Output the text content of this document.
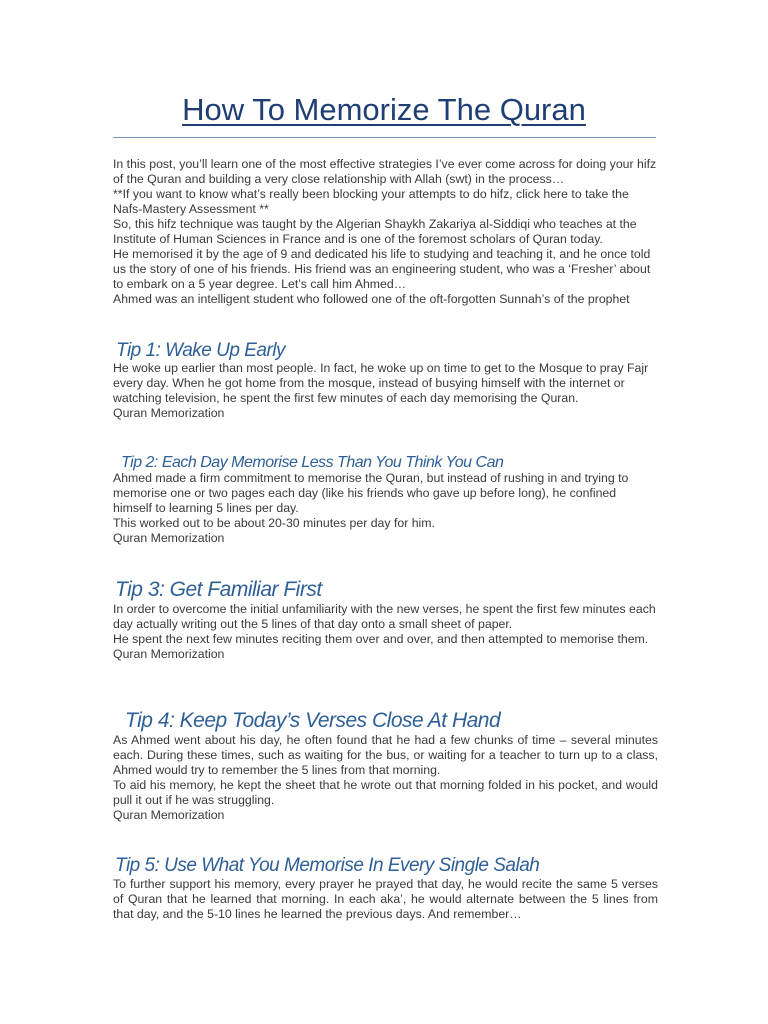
How To Memorize The Quran

In this post, you’ll learn one of the most effective strategies I’ve ever come across for doing your hifz of the Quran and building a very close relationship with Allah (swt) in the process…

**If you want to know what’s really been blocking your attempts to do hifz, click here to take the Nafs-Mastery Assessment **

So, this hifz technique was taught by the Algerian Shaykh Zakariya al-Siddiqi who teaches at the Institute of Human Sciences in France and is one of the foremost scholars of Quran today.

He memorised it by the age of 9 and dedicated his life to studying and teaching it, and he once told us the story of one of his friends. His friend was an engineering student, who was a ‘Fresher’ about to embark on a 5 year degree. Let’s call him Ahmed…

Ahmed was an intelligent student who followed one of the oft-forgotten Sunnah’s of the prophet

Tip 1: Wake Up Early

He woke up earlier than most people. In fact, he woke up on time to get to the Mosque to pray Fajr every day. When he got home from the mosque, instead of busying himself with the internet or watching television, he spent the first few minutes of each day memorising the Quran.

Quran Memorization

Tip 2: Each Day Memorise Less Than You Think You Can

Ahmed made a firm commitment to memorise the Quran, but instead of rushing in and trying to memorise one or two pages each day (like his friends who gave up before long), he confined himself to learning 5 lines per day.

This worked out to be about 20-30 minutes per day for him.

Quran Memorization

Tip 3: Get Familiar First

In order to overcome the initial unfamiliarity with the new verses, he spent the first few minutes each day actually writing out the 5 lines of that day onto a small sheet of paper.

He spent the next few minutes reciting them over and over, and then attempted to memorise them.

Quran Memorization

Tip 4: Keep Today’s Verses Close At Hand

As Ahmed went about his day, he often found that he had a few chunks of time – several minutes each. During these times, such as waiting for the bus, or waiting for a teacher to turn up to a class, Ahmed would try to remember the 5 lines from that morning.

To aid his memory, he kept the sheet that he wrote out that morning folded in his pocket, and would pull it out if he was struggling.

Quran Memorization

Tip 5: Use What You Memorise In Every Single Salah

To further support his memory, every prayer he prayed that day, he would recite the same 5 verses of Quran that he learned that morning. In each aka’, he would alternate between the 5 lines from that day, and the 5-10 lines he learned the previous days. And remember…
